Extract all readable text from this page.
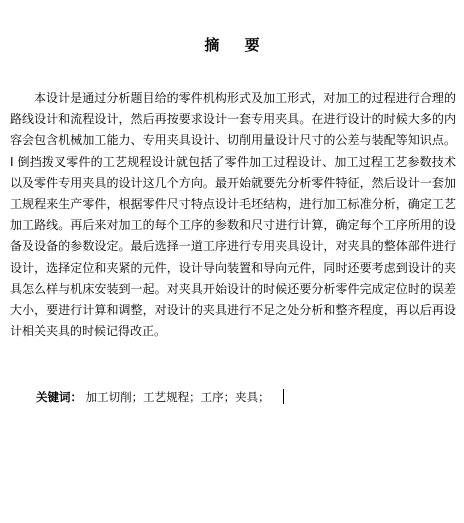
摘 要

本设计是通过分析题目给的零件机构形式及加工形式，对加工的过程进行合理的路线设计和流程设计，然后再按要求设计一套专用夹具。在进行设计的时候大多的内容会包含机械加工能力、专用夹具设计、切削用量设计尺寸的公差与装配等知识点。I 倒挡拨叉零件的工艺规程设计就包括了零件加工过程设计、加工过程工艺参数技术以及零件专用夹具的设计这几个方向。最开始就要先分析零件特征，然后设计一套加工规程来生产零件，根据零件尺寸特点设计毛坯结构，进行加工标准分析，确定工艺加工路线。再后来对加工的每个工序的参数和尺寸进行计算，确定每个工序所用的设备及设备的参数设定。最后选择一道工序进行专用夹具设计，对夹具的整体部件进行设计，选择定位和夹紧的元件，设计导向装置和导向元件，同时还要考虑到设计的夹具怎么样与机床安装到一起。对夹具开始设计的时候还要分析零件完成定位时的误差大小，要进行计算和调整，对设计的夹具进行不足之处分析和整齐程度，再以后再设计相关夹具的时候记得改正。

关键词： 加工切削；工艺规程；工序；夹具；
